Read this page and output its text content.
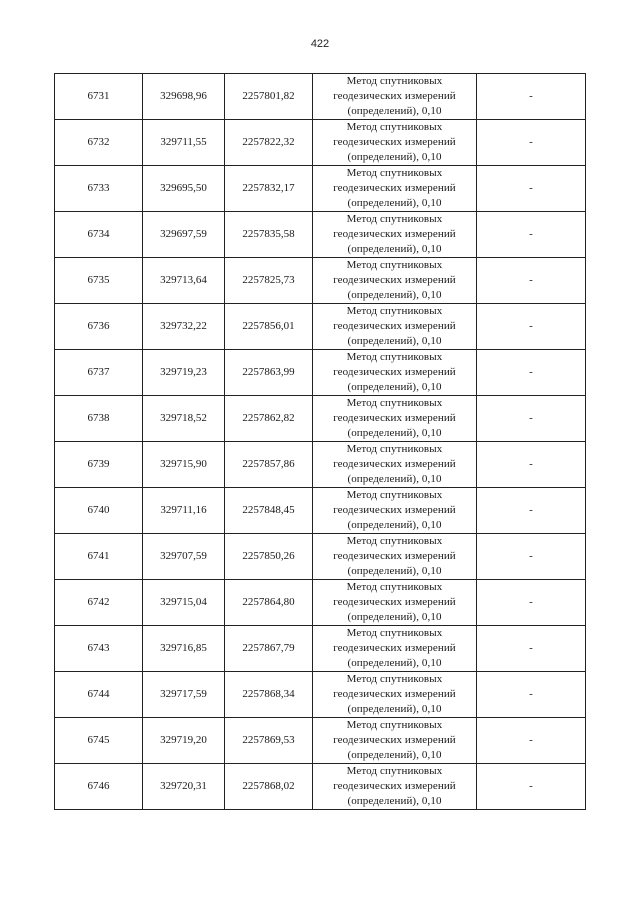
422
6731	329698,96	2257801,82	Метод спутниковых
геодезических измерений
(определений), 0,10	-
6732	329711,55	2257822,32	Метод спутниковых
геодезических измерений
(определений), 0,10	-
6733	329695,50	2257832,17	Метод спутниковых
геодезических измерений
(определений), 0,10	-
6734	329697,59	2257835,58	Метод спутниковых
геодезических измерений
(определений), 0,10	-
6735	329713,64	2257825,73	Метод спутниковых
геодезических измерений
(определений), 0,10	-
6736	329732,22	2257856,01	Метод спутниковых
геодезических измерений
(определений), 0,10	-
6737	329719,23	2257863,99	Метод спутниковых
геодезических измерений
(определений), 0,10	-
6738	329718,52	2257862,82	Метод спутниковых
геодезических измерений
(определений), 0,10	-
6739	329715,90	2257857,86	Метод спутниковых
геодезических измерений
(определений), 0,10	-
6740	329711,16	2257848,45	Метод спутниковых
геодезических измерений
(определений), 0,10	-
6741	329707,59	2257850,26	Метод спутниковых
геодезических измерений
(определений), 0,10	-
6742	329715,04	2257864,80	Метод спутниковых
геодезических измерений
(определений), 0,10	-
6743	329716,85	2257867,79	Метод спутниковых
геодезических измерений
(определений), 0,10	-
6744	329717,59	2257868,34	Метод спутниковых
геодезических измерений
(определений), 0,10	-
6745	329719,20	2257869,53	Метод спутниковых
геодезических измерений
(определений), 0,10	-
6746	329720,31	2257868,02	Метод спутниковых
геодезических измерений
(определений), 0,10	-
